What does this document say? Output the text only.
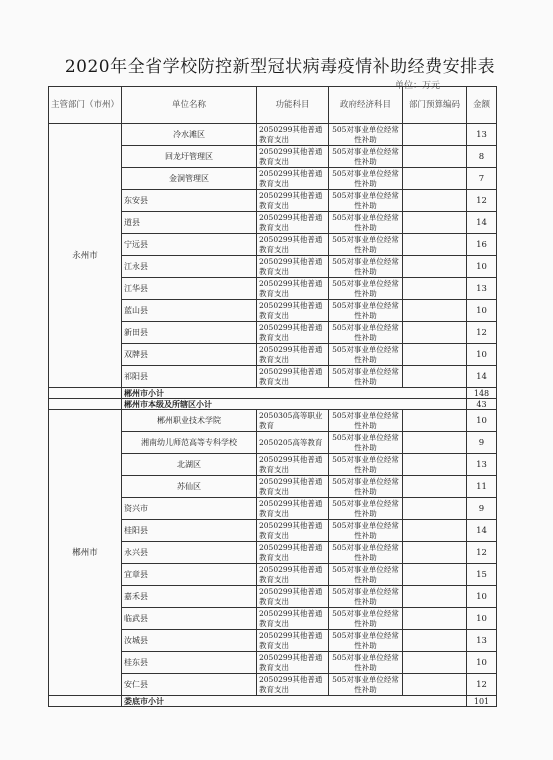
2020年全省学校防控新型冠状病毒疫情补助经费安排表
单位：万元
主管部门（市州）	单位名称	功能科目	政府经济科目	部门预算编码	金额
永州市	冷水滩区	2050299其他普通教育支出	505对事业单位经常性补助		13
	回龙圩管理区	2050299其他普通教育支出	505对事业单位经常性补助		8
	金洞管理区	2050299其他普通教育支出	505对事业单位经常性补助		7
	东安县	2050299其他普通教育支出	505对事业单位经常性补助		12
	道县	2050299其他普通教育支出	505对事业单位经常性补助		14
	宁远县	2050299其他普通教育支出	505对事业单位经常性补助		16
	江永县	2050299其他普通教育支出	505对事业单位经常性补助		10
	江华县	2050299其他普通教育支出	505对事业单位经常性补助		13
	蓝山县	2050299其他普通教育支出	505对事业单位经常性补助		10
	新田县	2050299其他普通教育支出	505对事业单位经常性补助		12
	双牌县	2050299其他普通教育支出	505对事业单位经常性补助		10
	祁阳县	2050299其他普通教育支出	505对事业单位经常性补助		14
	郴州市小计				148
	郴州市本级及所辖区小计				43
郴州市	郴州职业技术学院	2050305高等职业教育	505对事业单位经常性补助		10
	湘南幼儿师范高等专科学校	2050205高等教育	505对事业单位经常性补助		9
	北湖区	2050299其他普通教育支出	505对事业单位经常性补助		13
	苏仙区	2050299其他普通教育支出	505对事业单位经常性补助		11
	资兴市	2050299其他普通教育支出	505对事业单位经常性补助		9
	桂阳县	2050299其他普通教育支出	505对事业单位经常性补助		14
	永兴县	2050299其他普通教育支出	505对事业单位经常性补助		12
	宜章县	2050299其他普通教育支出	505对事业单位经常性补助		15
	嘉禾县	2050299其他普通教育支出	505对事业单位经常性补助		10
	临武县	2050299其他普通教育支出	505对事业单位经常性补助		10
	汝城县	2050299其他普通教育支出	505对事业单位经常性补助		13
	桂东县	2050299其他普通教育支出	505对事业单位经常性补助		10
	安仁县	2050299其他普通教育支出	505对事业单位经常性补助		12
	娄底市小计				101
